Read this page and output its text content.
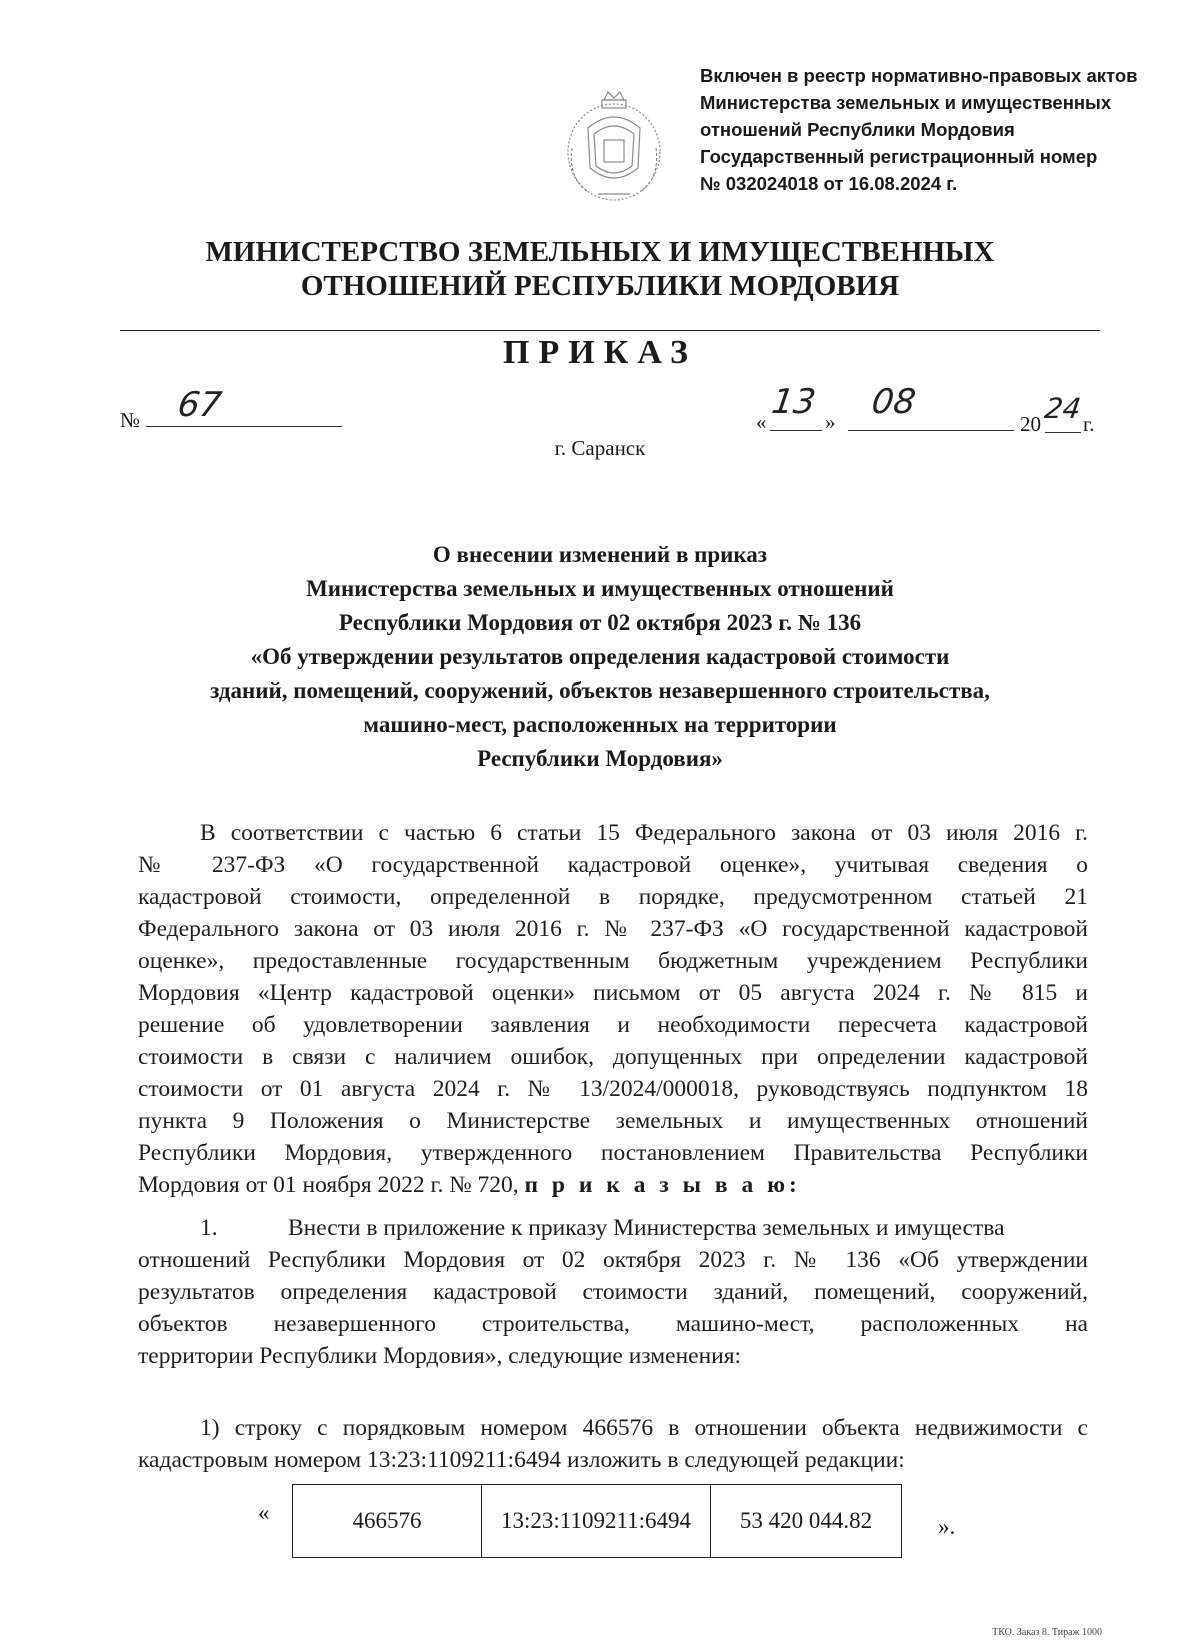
Включен в реестр нормативно-правовых актов
Министерства земельных и имущественных
отношений Республики Мордовия
Государственный регистрационный номер
№ 032024018 от 16.08.2024 г.
МИНИСТЕРСТВО ЗЕМЕЛЬНЫХ И ИМУЩЕСТВЕННЫХ
ОТНОШЕНИЙ РЕСПУБЛИКИ МОРДОВИЯ
ПРИКАЗ
№ 67	« 13 » 08
20 24 г.
г. Саранск
О внесении изменений в приказ
Министерства земельных и имущественных отношений
Республики Мордовия от 02 октября 2023 г. № 136
«Об утверждении результатов определения кадастровой стоимости
зданий, помещений, сооружений, объектов незавершенного строительства,
машино-мест, расположенных на территории
Республики Мордовия»
В соответствии с частью 6 статьи 15 Федерального закона от 03 июля 2016 г.
№ 237-ФЗ «О государственной кадастровой оценке», учитывая сведения о
кадастровой стоимости, определенной в порядке, предусмотренном статьей 21
Федерального закона от 03 июля 2016 г. № 237-ФЗ «О государственной кадастровой
оценке», предоставленные государственным бюджетным учреждением Республики
Мордовия «Центр кадастровой оценки» письмом от 05 августа 2024 г. № 815 и
решение об удовлетворении заявления и необходимости пересчета кадастровой
стоимости в связи с наличием ошибок, допущенных при определении кадастровой
стоимости от 01 августа 2024 г. № 13/2024/000018, руководствуясь подпунктом 18
пункта 9 Положения о Министерстве земельных и имущественных отношений
Республики Мордовия, утвержденного постановлением Правительства Республики
Мордовия от 01 ноября 2022 г. № 720, п р и к а з ы в а ю:
1.	Внести в приложение к приказу Министерства земельных и имущества
отношений Республики Мордовия от 02 октября 2023 г. № 136 «Об утверждении
результатов определения кадастровой стоимости зданий, помещений, сооружений,
объектов незавершенного строительства, машино-мест, расположенных на
территории Республики Мордовия», следующие изменения:
1) строку с порядковым номером 466576 в отношении объекта недвижимости с
кадастровым номером 13:23:1109211:6494 изложить в следующей редакции:
«	466576	13:23:1109211:6494	53 420 044.82	».
ТКО. Заказ 8. Тираж 1000
